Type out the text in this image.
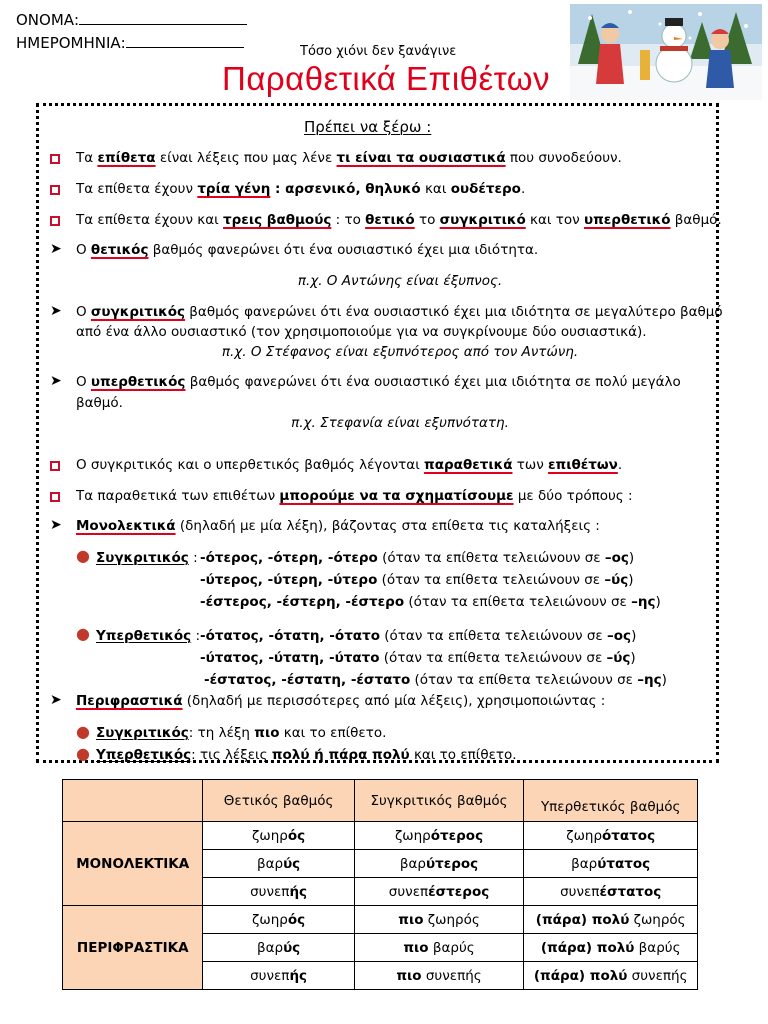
ΟΝΟΜΑ:
ΗΜΕΡΟΜΗΝΙΑ:	Τόσο χιόνι δεν ξανάγινε
Παραθετικά Επιθέτων
Πρέπει να ξέρω :
Τα επίθετα είναι λέξεις που μας λένε τι είναι τα ουσιαστικά που συνοδεύουν.
Τα επίθετα έχουν τρία γένη : αρσενικό, θηλυκό και ουδέτερο.
Τα επίθετα έχουν και τρεις βαθμούς : το θετικό το συγκριτικό και τον υπερθετικό βαθμό.
➤ Ο θετικός βαθμός φανερώνει ότι ένα ουσιαστικό έχει μια ιδιότητα.
π.χ. Ο Αντώνης είναι έξυπνος.
➤ Ο συγκριτικός βαθμός φανερώνει ότι ένα ουσιαστικό έχει μια ιδιότητα σε μεγαλύτερο βαθμό
από ένα άλλο ουσιαστικό (τον χρησιμοποιούμε για να συγκρίνουμε δύο ουσιαστικά).
π.χ. Ο Στέφανος είναι εξυπνότερος από τον Αντώνη.
➤ Ο υπερθετικός βαθμός φανερώνει ότι ένα ουσιαστικό έχει μια ιδιότητα σε πολύ μεγάλο
βαθμό.
π.χ. Στεφανία είναι εξυπνότατη.
Ο συγκριτικός και ο υπερθετικός βαθμός λέγονται παραθετικά των επιθέτων.
Τα παραθετικά των επιθέτων μπορούμε να τα σχηματίσουμε με δύο τρόπους :
➤ Μονολεκτικά (δηλαδή με μία λέξη), βάζοντας στα επίθετα τις καταλήξεις :
● Συγκριτικός : -ότερος, -ότερη, -ότερο (όταν τα επίθετα τελειώνουν σε –ος)
-ύτερος, -ύτερη, -ύτερο (όταν τα επίθετα τελειώνουν σε –ύς)
-έστερος, -έστερη, -έστερο (όταν τα επίθετα τελειώνουν σε –ης)
● Υπερθετικός : -ότατος, -ότατη, -ότατο (όταν τα επίθετα τελειώνουν σε –ος)
-ύτατος, -ύτατη, -ύτατο (όταν τα επίθετα τελειώνουν σε –ύς)
-έστατος, -έστατη, -έστατο (όταν τα επίθετα τελειώνουν σε –ης)
➤ Περιφραστικά (δηλαδή με περισσότερες από μία λέξεις), χρησιμοποιώντας :
● Συγκριτικός: τη λέξη πιο και το επίθετο.
● Υπερθετικός: τις λέξεις πολύ ή πάρα πολύ και το επίθετο.
	Θετικός βαθμός	Συγκριτικός βαθμός	Υπερθετικός βαθμός
ΜΟΝΟΛΕΚΤΙΚΑ	ζωηρός	ζωηρότερος	ζωηρότατος
	βαρύς	βαρύτερος	βαρύτατος
	συνεπής	συνεπέστερος	συνεπέστατος
ΠΕΡΙΦΡΑΣΤΙΚΑ	ζωηρός	πιο ζωηρός	(πάρα) πολύ ζωηρός
	βαρύς	πιο βαρύς	(πάρα) πολύ βαρύς
	συνεπής	πιο συνεπής	(πάρα) πολύ συνεπής
